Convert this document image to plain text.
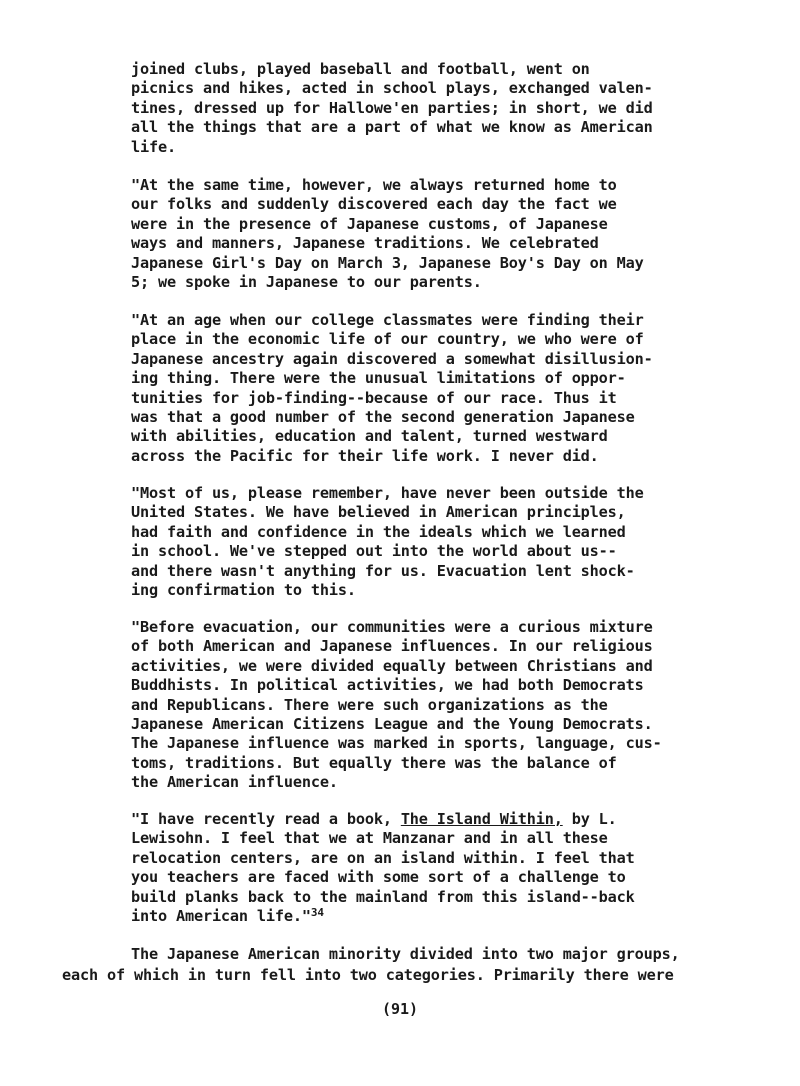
joined clubs, played baseball and football, went on
picnics and hikes, acted in school plays, exchanged valen-
tines, dressed up for Hallowe'en parties; in short, we did
all the things that are a part of what we know as American
life.
"At the same time, however, we always returned home to
our folks and suddenly discovered each day the fact we
were in the presence of Japanese customs, of Japanese
ways and manners, Japanese traditions. We celebrated
Japanese Girl's Day on March 3, Japanese Boy's Day on May
5; we spoke in Japanese to our parents.
"At an age when our college classmates were finding their
place in the economic life of our country, we who were of
Japanese ancestry again discovered a somewhat disillusion-
ing thing. There were the unusual limitations of oppor-
tunities for job-finding--because of our race. Thus it
was that a good number of the second generation Japanese
with abilities, education and talent, turned westward
across the Pacific for their life work. I never did.
"Most of us, please remember, have never been outside the
United States. We have believed in American principles,
had faith and confidence in the ideals which we learned
in school. We've stepped out into the world about us--
and there wasn't anything for us. Evacuation lent shock-
ing confirmation to this.
"Before evacuation, our communities were a curious mixture
of both American and Japanese influences. In our religious
activities, we were divided equally between Christians and
Buddhists. In political activities, we had both Democrats
and Republicans. There were such organizations as the
Japanese American Citizens League and the Young Democrats.
The Japanese influence was marked in sports, language, cus-
toms, traditions. But equally there was the balance of
the American influence.
"I have recently read a book, The Island Within, by L.
Lewisohn. I feel that we at Manzanar and in all these
relocation centers, are on an island within. I feel that
you teachers are faced with some sort of a challenge to
build planks back to the mainland from this island--back
into American life."$^{34}$
The Japanese American minority divided into two major groups,
each of which in turn fell into two categories. Primarily there were
(91)
